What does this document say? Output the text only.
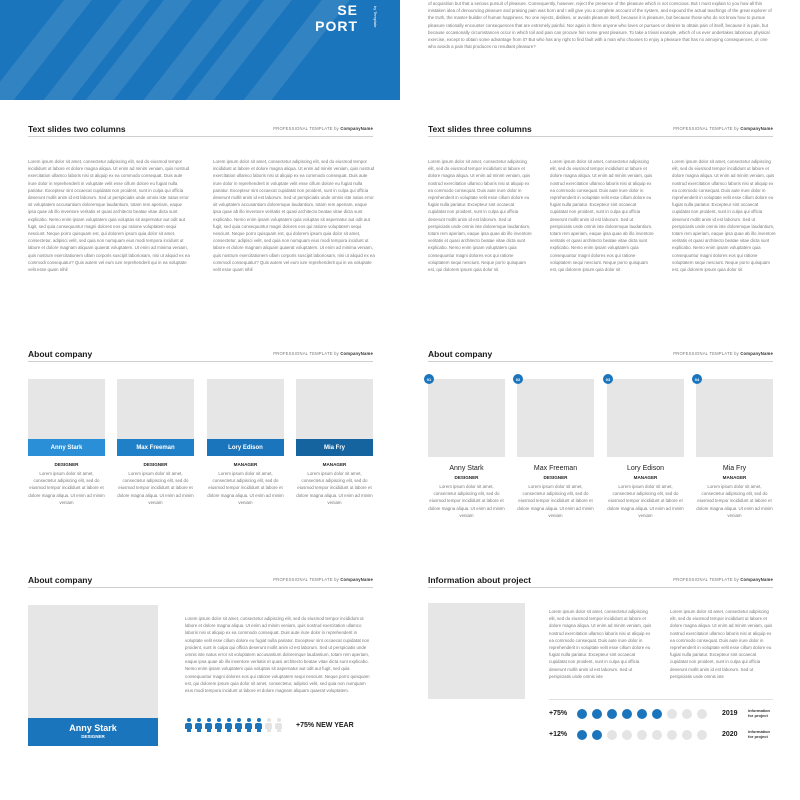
SE
PORT	by Template
of acquisition but that a serious pursuit of pleasure. Consequently, however, reject the presence of the pleasure which is not conscious. But I must explain to you how all this mistaken idea of denouncing pleasure and praising pain was born and I will give you a complete account of the system, and expound the actual teachings of the great explorer of the truth, the master-builder of human happiness. No one rejects, dislikes, or avoids pleasure itself, because it is pleasure, but because those who do not know how to pursue pleasure rationally encounter consequences that are extremely painful. Nor again is there anyone who loves or pursues or desires to obtain pain of itself, because it is pain, but because occasionally circumstances occur in which toil and pain can procure him some great pleasure. To take a trivial example, which of us ever undertakes laborious physical exercise, except to obtain some advantage from it? But who has any right to find fault with a man who chooses to enjoy a pleasure that has no annoying consequences, or one who avoids a pain that produces no resultant pleasure?
Text slides two columns	PROFESSIONAL TEMPLATE by CompanyName
Lorem ipsum dolor sit amet, consectetur adipiscing elit, sed do eiusmod tempor incididunt ut labore et dolore magna aliqua. Ut enim ad minim veniam, quis nostrud exercitation ullamco laboris nisi ut aliquip ex ea commodo consequat. Duis aute irure dolor in reprehenderit in voluptate velit esse cillum dolore eu fugiat nulla pariatur. Excepteur sint occaecat cupidatat non proident, sunt in culpa qui officia deserunt mollit anim id est laborum. Sed ut perspiciatis unde omnis iste natus error sit voluptatem accusantium doloremque laudantium, totam rem aperiam, eaque ipsa quae ab illo inventore veritatis et quasi architecto beatae vitae dicta sunt explicabo. Nemo enim ipsam voluptatem quia voluptas sit aspernatur aut odit aut fugit, sed quia consequuntur magni dolores eos qui ratione voluptatem sequi nesciunt. Neque porro quisquam est, qui dolorem ipsum quia dolor sit amet, consectetur, adipisci velit, sed quia non numquam eius modi tempora incidunt ut labore et dolore magnam aliquam quaerat voluptatem. Ut enim ad minima veniam, quis nostrum exercitationem ullam corporis suscipit laboriosam, nisi ut aliquid ex ea commodi consequatur? Quis autem vel eum iure reprehenderit qui in ea voluptate velit esse quam nihil
Lorem ipsum dolor sit amet, consectetur adipiscing elit, sed do eiusmod tempor incididunt ut labore et dolore magna aliqua. Ut enim ad minim veniam, quis nostrud exercitation ullamco laboris nisi ut aliquip ex ea commodo consequat. Duis aute irure dolor in reprehenderit in voluptate velit esse cillum dolore eu fugiat nulla pariatur. Excepteur sint occaecat cupidatat non proident, sunt in culpa qui officia deserunt mollit anim id est laborum. Sed ut perspiciatis unde omnis iste natus error sit voluptatem accusantium doloremque laudantium, totam rem aperiam, eaque ipsa quae ab illo inventore veritatis et quasi architecto beatae vitae dicta sunt explicabo. Nemo enim ipsam voluptatem quia voluptas sit aspernatur aut odit aut fugit, sed quia consequuntur magni dolores eos qui ratione voluptatem sequi nesciunt. Neque porro quisquam est, qui dolorem ipsum quia dolor sit amet, consectetur, adipisci velit, sed quia non numquam eius modi tempora incidunt ut labore et dolore magnam aliquam quaerat voluptatem. Ut enim ad minima veniam, quis nostrum exercitationem ullam corporis suscipit laboriosam, nisi ut aliquid ex ea commodi consequatur? Quis autem vel eum iure reprehenderit qui in ea voluptate velit esse quam nihil
Text slides three columns	PROFESSIONAL TEMPLATE by CompanyName
Lorem ipsum dolor sit amet, consectetur adipiscing elit, sed do eiusmod tempor incididunt ut labore et dolore magna aliqua. Ut enim ad minim veniam, quis nostrud exercitation ullamco laboris nisi ut aliquip ex ea commodo consequat. Duis aute irure dolor in reprehenderit in voluptate velit esse cillum dolore eu fugiat nulla pariatur. Excepteur sint occaecat cupidatat non proident, sunt in culpa qui officia deserunt mollit anim id est laborum. Sed ut perspiciatis unde omnis iste doloremque laudantium, totam rem aperiam, eaque ipsa quae ab illo inventore veritatis et quasi architecto beatae vitae dicta sunt explicabo. Nemo enim ipsam voluptatem quia consequuntur magni dolores eos qui ratione voluptatem sequi nesciunt. Neque porro quisquam est, qui dolorem ipsum quia dolor sit
Lorem ipsum dolor sit amet, consectetur adipiscing elit, sed do eiusmod tempor incididunt ut labore et dolore magna aliqua. Ut enim ad minim veniam, quis nostrud exercitation ullamco laboris nisi ut aliquip ex ea commodo consequat. Duis aute irure dolor in reprehenderit in voluptate velit esse cillum dolore eu fugiat nulla pariatur. Excepteur sint occaecat cupidatat non proident, sunt in culpa qui officia deserunt mollit anim id est laborum. Sed ut perspiciatis unde omnis iste doloremque laudantium, totam rem aperiam, eaque ipsa quae ab illo inventore veritatis et quasi architecto beatae vitae dicta sunt explicabo. Nemo enim ipsam voluptatem quia consequuntur magni dolores eos qui ratione voluptatem sequi nesciunt. Neque porro quisquam est, qui dolorem ipsum quia dolor sit
Lorem ipsum dolor sit amet, consectetur adipiscing elit, sed do eiusmod tempor incididunt ut labore et dolore magna aliqua. Ut enim ad minim veniam, quis nostrud exercitation ullamco laboris nisi ut aliquip ex ea commodo consequat. Duis aute irure dolor in reprehenderit in voluptate velit esse cillum dolore eu fugiat nulla pariatur. Excepteur sint occaecat cupidatat non proident, sunt in culpa qui officia deserunt mollit anim id est laborum. Sed ut perspiciatis unde omnis iste doloremque laudantium, totam rem aperiam, eaque ipsa quae ab illo inventore veritatis et quasi architecto beatae vitae dicta sunt explicabo. Nemo enim ipsam voluptatem quia consequuntur magni dolores eos qui ratione voluptatem sequi nesciunt. Neque porro quisquam est, qui dolorem ipsum quia dolor sit
About company	PROFESSIONAL TEMPLATE by CompanyName
Anny Stark
DESIGNER
Lorem ipsum dolor sit amet, consectetur adipiscing elit, sed do eiusmod tempor incididunt ut labore et dolore magna aliqua. Ut enim ad minim veniam
Max Freeman
DESIGNER
Lorem ipsum dolor sit amet, consectetur adipiscing elit, sed do eiusmod tempor incididunt ut labore et dolore magna aliqua. Ut enim ad minim veniam
Lory Edison
MANAGER
Lorem ipsum dolor sit amet, consectetur adipiscing elit, sed do eiusmod tempor incididunt ut labore et dolore magna aliqua. Ut enim ad minim veniam
Mia Fry
MANAGER
Lorem ipsum dolor sit amet, consectetur adipiscing elit, sed do eiusmod tempor incididunt ut labore et dolore magna aliqua. Ut enim ad minim veniam
About company	PROFESSIONAL TEMPLATE by CompanyName
01
Anny Stark
DESIGNER
Lorem ipsum dolor sit amet, consectetur adipiscing elit, sed do eiusmod tempor incididunt ut labore et dolore magna aliqua. Ut enim ad minim veniam
02
Max Freeman
DESIGNER
Lorem ipsum dolor sit amet, consectetur adipiscing elit, sed do eiusmod tempor incididunt ut labore et dolore magna aliqua. Ut enim ad minim veniam
03
Lory Edison
MANAGER
Lorem ipsum dolor sit amet, consectetur adipiscing elit, sed do eiusmod tempor incididunt ut labore et dolore magna aliqua. Ut enim ad minim veniam
04
Mia Fry
MANAGER
Lorem ipsum dolor sit amet, consectetur adipiscing elit, sed do eiusmod tempor incididunt ut labore et dolore magna aliqua. Ut enim ad minim veniam
About company	PROFESSIONAL TEMPLATE by CompanyName
Anny Stark
DESIGNER
Lorem ipsum dolor sit amet, consectetur adipiscing elit, sed do eiusmod tempor incididunt ut labore et dolore magna aliqua. Ut enim ad minim veniam, quis nostrud exercitation ullamco laboris nisi ut aliquip ex ea commodo consequat. Duis aute irure dolor in reprehenderit in voluptate velit esse cillum dolore eu fugiat nulla pariatur. Excepteur sint occaecat cupidatat non proident, sunt in culpa qui officia deserunt mollit anim id est laborum. Sed ut perspiciatis unde omnis iste natus error sit voluptatem accusantium doloremque laudantium, totam rem aperiam, eaque ipsa quae ab illo inventore veritatis et quasi architecto beatae vitae dicta sunt explicabo. Nemo enim ipsam voluptatem quia voluptas sit aspernatur aut odit aut fugit, sed quia consequuntur magni dolores eos qui ratione voluptatem sequi nesciunt. Neque porro quisquam est, qui dolorem ipsum quia dolor sit amet, consectetur, adipisci velit, sed quia non numquam eius modi tempora incidunt ut labore et dolore magnam aliquam quaerat voluptatem.
+75% NEW YEAR
Information about project	PROFESSIONAL TEMPLATE by CompanyName
Lorem ipsum dolor sit amet, consectetur adipiscing elit, sed do eiusmod tempor incididunt ut labore et dolore magna aliqua. Ut enim ad minim veniam, quis nostrud exercitation ullamco laboris nisi ut aliquip ex ea commodo consequat. Duis aute irure dolor in reprehenderit in voluptate velit esse cillum dolore eu fugiat nulla pariatur. Excepteur sint occaecat cupidatat non proident, sunt in culpa qui officia deserunt mollit anim id est laborum. Sed ut perspiciatis unde omnis iste
Lorem ipsum dolor sit amet, consectetur adipiscing elit, sed do eiusmod tempor incididunt ut labore et dolore magna aliqua. Ut enim ad minim veniam, quis nostrud exercitation ullamco laboris nisi ut aliquip ex ea commodo consequat. Duis aute irure dolor in reprehenderit in voluptate velit esse cillum dolore eu fugiat nulla pariatur. Excepteur sint occaecat cupidatat non proident, sunt in culpa qui officia deserunt mollit anim id est laborum. Sed ut perspiciatis unde omnis iste
+75%	2019	information for project
+12%	2020	information for project
